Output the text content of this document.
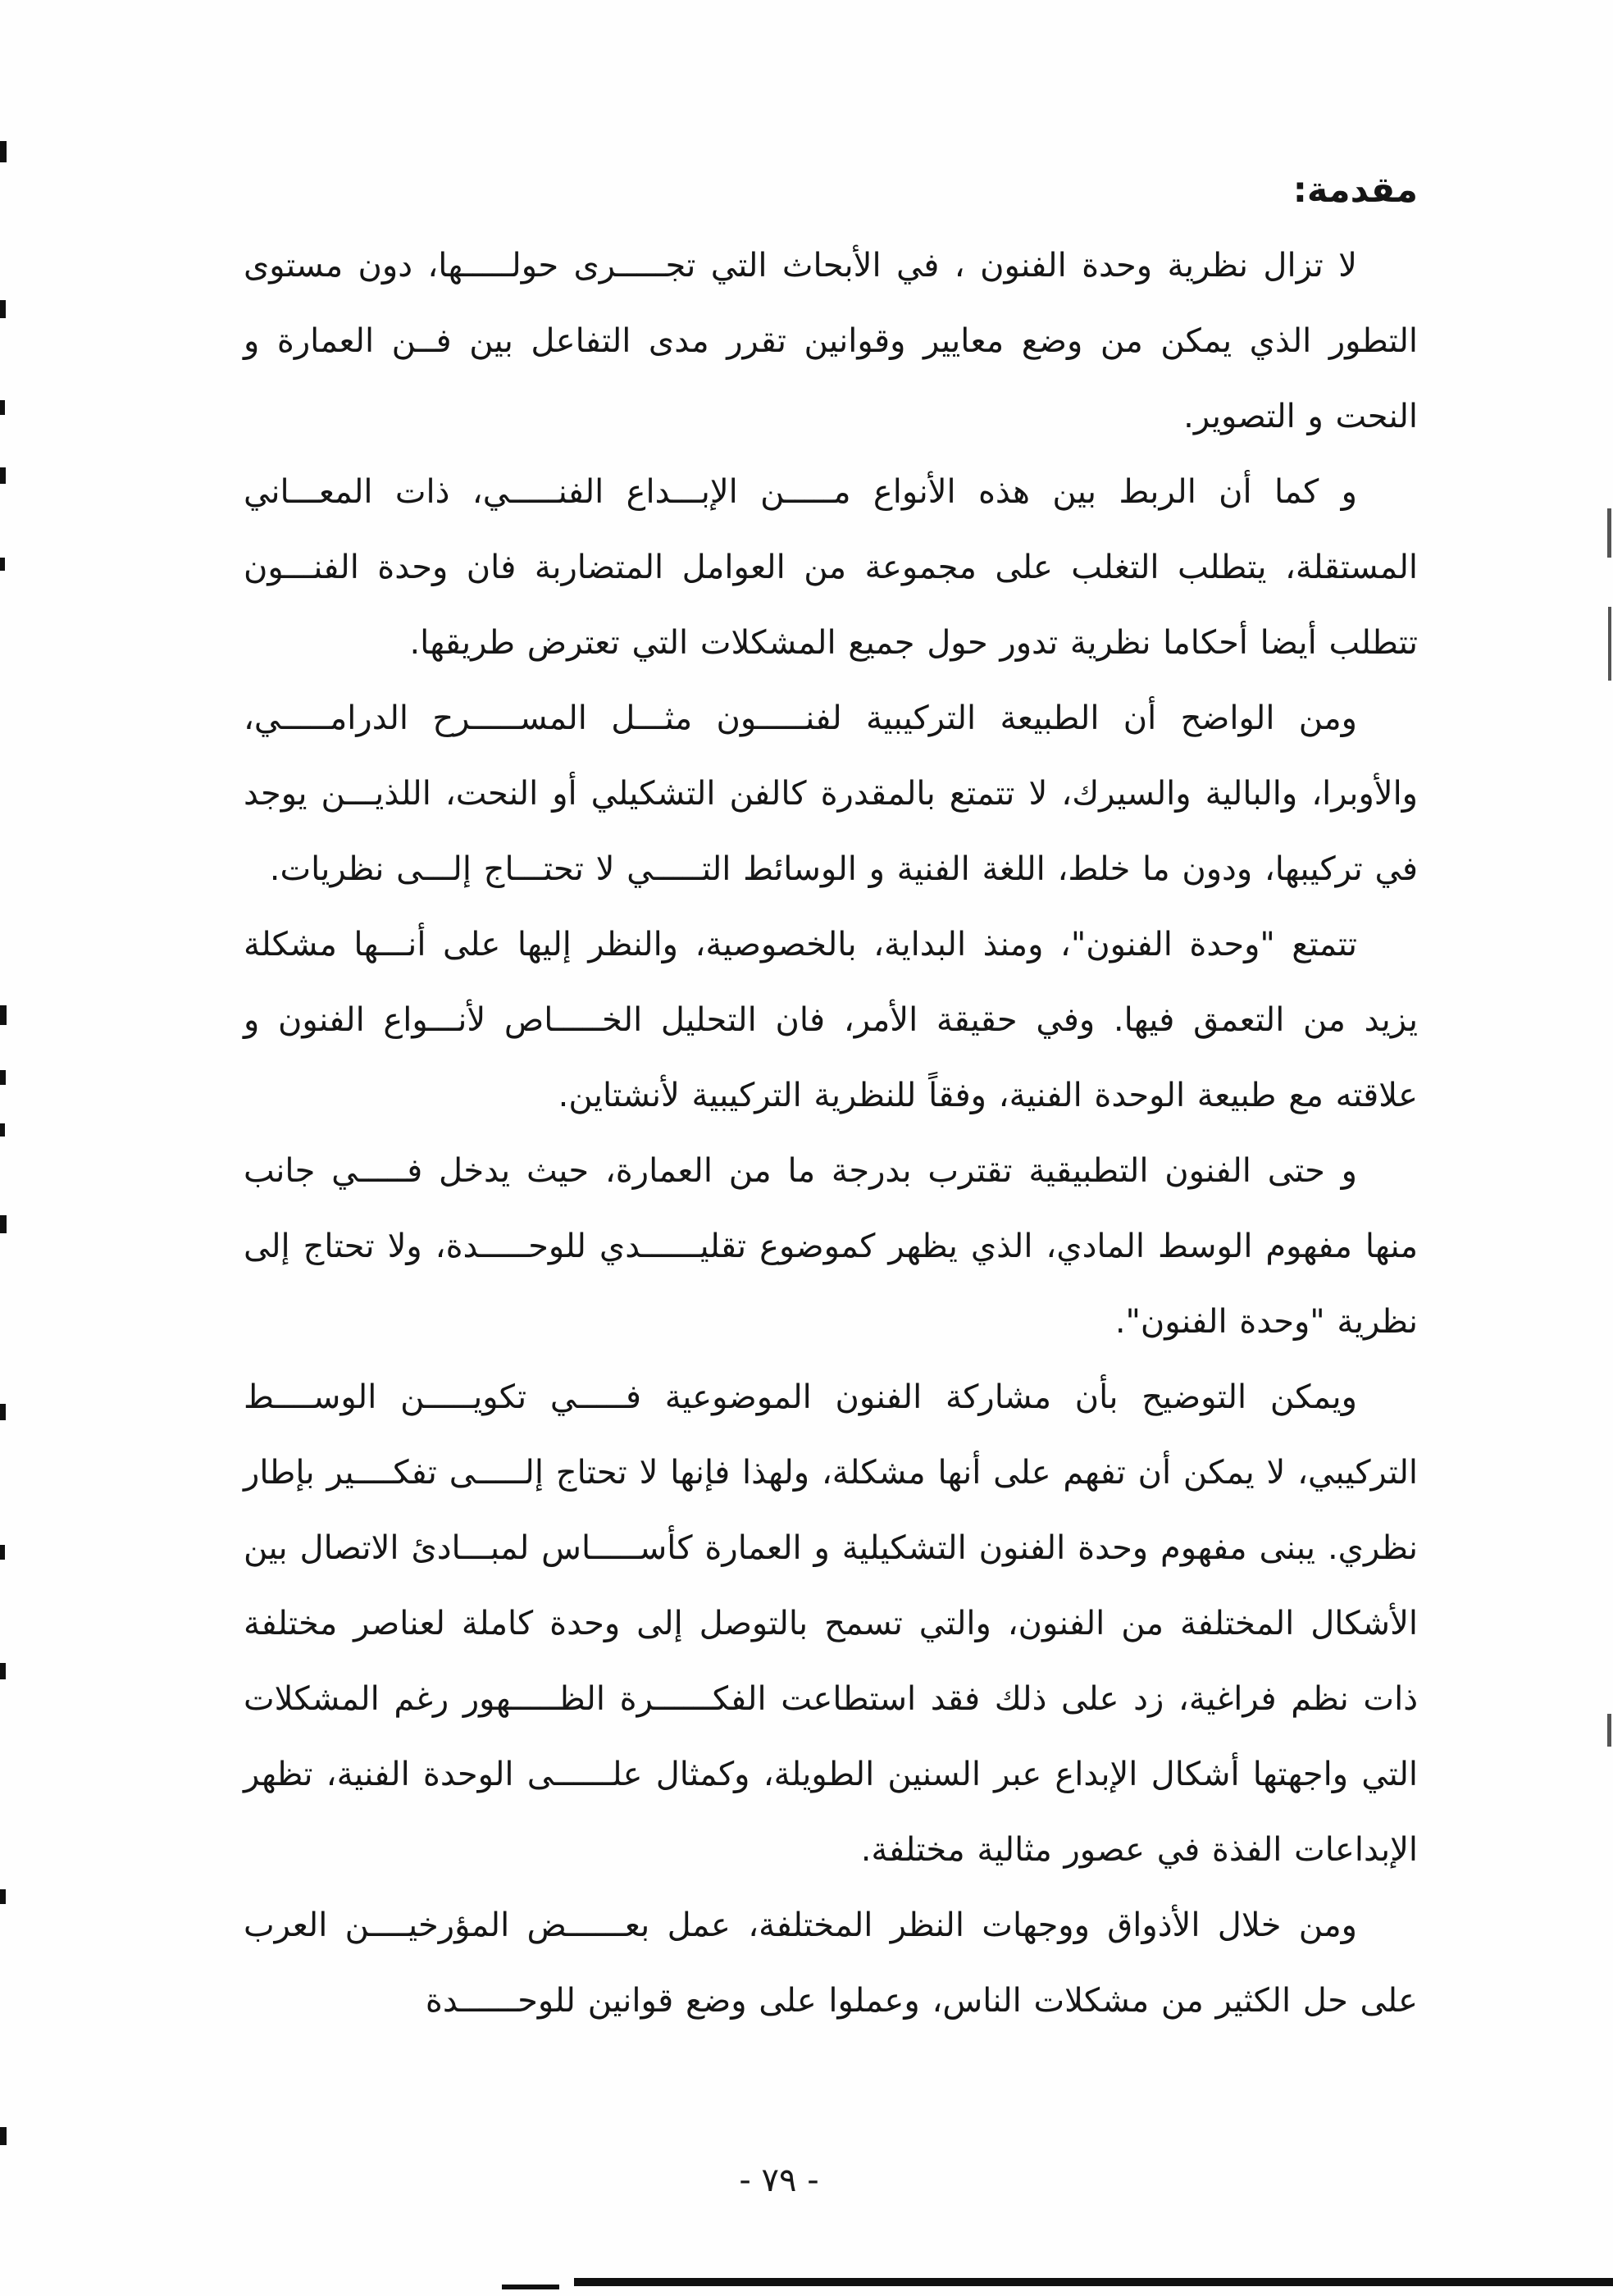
مقدمة:

لا تزال نظرية وحدة الفنون ، في الأبحاث التي تجـــــرى حولـــــها، دون مستوى التطور الذي يمكن من وضع معايير وقوانين تقرر مدى التفاعل بين فــن العمارة و النحت و التصوير.

و كما أن الربط بين هذه الأنواع مـــــن الإبـــداع الفنـــــي، ذات المعـــاني المستقلة، يتطلب التغلب على مجموعة من العوامل المتضاربة فان وحدة الفنـــون تتطلب أيضا أحكاما نظرية تدور حول جميع المشكلات التي تعترض طريقها.

ومن الواضح أن الطبيعة التركيبية لفنـــــون مثـــل المســـــرح الدرامـــــي، والأوبرا، والبالية والسيرك، لا تتمتع بالمقدرة كالفن التشكيلي أو النحت، اللذيـــن يوجد في تركيبها، ودون ما خلط، اللغة الفنية و الوسائط التـــــي لا تحتـــاج إلـــى نظريات.

تتمتع "وحدة الفنون"، ومنذ البداية، بالخصوصية، والنظر إليها على أنـــها مشكلة يزيد من التعمق فيها. وفي حقيقة الأمر، فان التحليل الخـــــاص لأنـــواع الفنون و علاقته مع طبيعة الوحدة الفنية، وفقاً للنظرية التركيبية لأنشتاين.

و حتى الفنون التطبيقية تقترب بدرجة ما من العمارة، حيث يدخل فـــــي جانب منها مفهوم الوسط المادي، الذي يظهر كموضوع تقليــــــدي للوحـــــدة، ولا تحتاج إلى نظرية "وحدة الفنون".

ويمكن التوضيح بأن مشاركة الفنون الموضوعية فـــــي تكويـــــن الوســــط التركيبي، لا يمكن أن تفهم على أنها مشكلة، ولهذا فإنها لا تحتاج إلـــــى تفكــــير بإطار نظري. يبنى مفهوم وحدة الفنون التشكيلية و العمارة كأســـــاس لمبـــادئ الاتصال بين الأشكال المختلفة من الفنون، والتي تسمح بالتوصل إلى وحدة كاملة لعناصر مختلفة ذات نظم فراغية، زد على ذلك فقد استطاعت الفكــــــرة الظـــــهور رغم المشكلات التي واجهتها أشكال الإبداع عبر السنين الطويلة، وكمثال علــــــى الوحدة الفنية، تظهر الإبداعات الفذة في عصور مثالية مختلفة.

ومن خلال الأذواق ووجهات النظر المختلفة، عمل بعــــــض المؤرخيــــن العرب على حل الكثير من مشكلات الناس، وعملوا على وضع قوانين للوحــــــدة

- ٧٩ -
